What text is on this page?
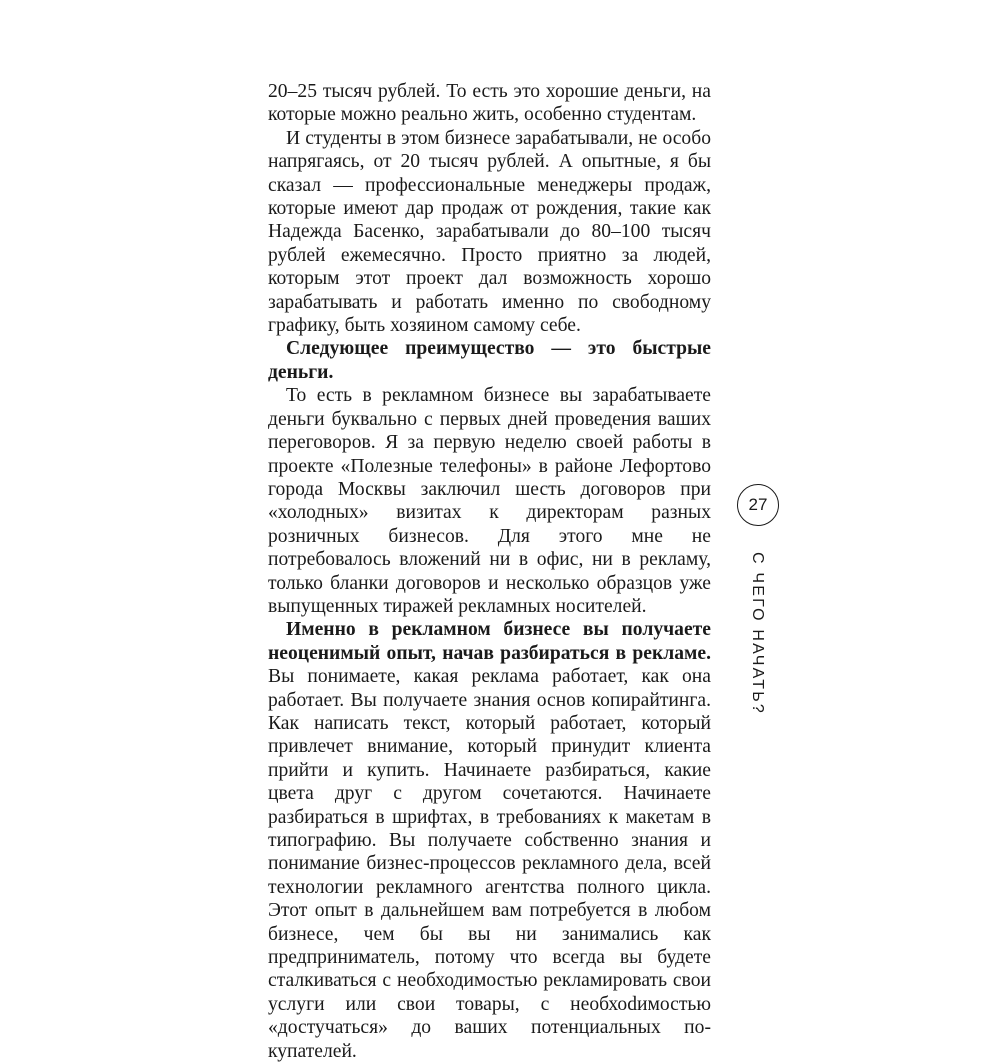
20–25 тысяч рублей. То есть это хорошие деньги, на которые можно реально жить, особенно студентам.

И студенты в этом бизнесе зарабатывали, не особо напрягаясь, от 20 тысяч рублей. А опытные, я бы сказал — профессиональные менеджеры продаж, которые имеют дар продаж от рождения, такие как Надежда Басенко, зарабатывали до 80–100 тысяч рублей ежемесячно. Просто приятно за людей, которым этот проект дал возможность хорошо зарабатывать и работать именно по свободному графику, быть хозяином самому себе.

Следующее преимущество — это быстрые деньги.

То есть в рекламном бизнесе вы зарабатываете деньги буквально с первых дней проведения ваших переговоров. Я за первую неделю своей работы в проекте «Полезные телефоны» в районе Лефортово города Москвы заключил шесть договоров при «холодных» визитах к директорам разных розничных бизнесов. Для этого мне не потребовалось вложений ни в офис, ни в рекламу, только бланки договоров и несколько образцов уже выпущенных тиражей рекламных носителей.

Именно в рекламном бизнесе вы получаете неоценимый опыт, начав разбираться в рекламе. Вы понимаете, какая реклама работает, как она работает. Вы получаете знания основ копирайтинга. Как написать текст, который работает, который привлечет внимание, который принудит клиента прийти и купить. Начинаете разбираться, какие цвета друг с другом сочетаются. Начинаете разбираться в шрифтах, в требованиях к макетам в типографию. Вы получаете собственно знания и понимание бизнес-процессов рекламного дела, всей технологии рекламного агентства полного цикла. Этот опыт в дальнейшем вам потребуется в любом бизнесе, чем бы вы ни занимались как предприниматель, потому что всегда вы будете сталкиваться с необходимостью рекламировать свои услуги или свои товары, с необхоdимостью «достучаться» до ваших потенциальных покупателей.

27
С ЧЕГО НАЧАТЬ?
